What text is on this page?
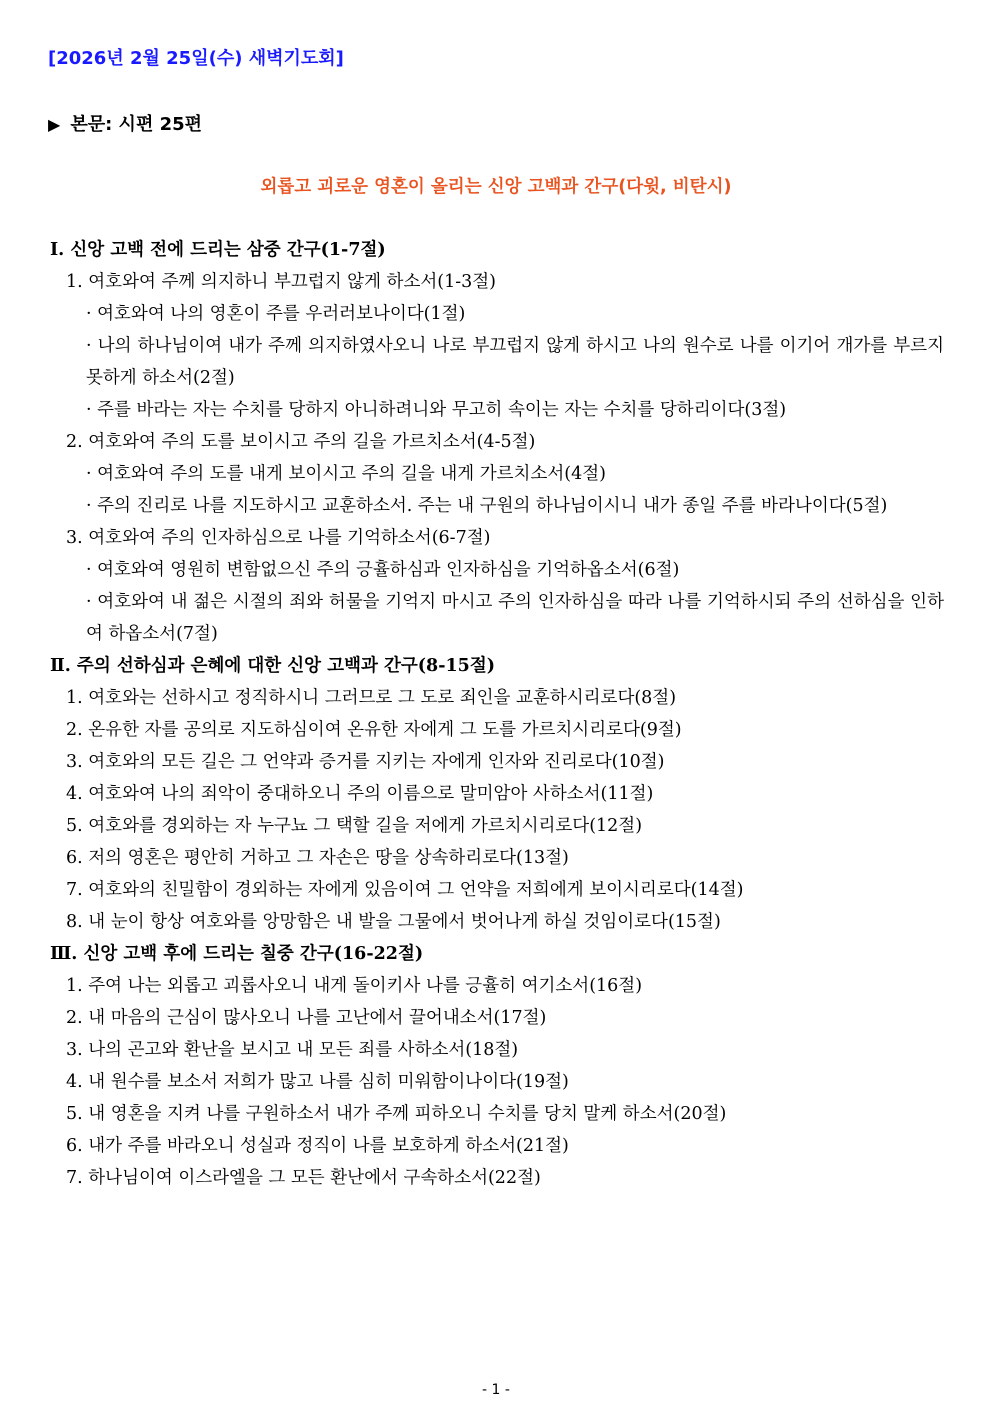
[2026년 2월 25일(수) 새벽기도회]
▶ 본문: 시편 25편
외롭고 괴로운 영혼이 올리는 신앙 고백과 간구(다윗, 비탄시)
Ⅰ. 신앙 고백 전에 드리는 삼중 간구(1-7절)
1. 여호와여 주께 의지하니 부끄럽지 않게 하소서(1-3절)
· 여호와여 나의 영혼이 주를 우러러보나이다(1절)
· 나의 하나님이여 내가 주께 의지하였사오니 나로 부끄럽지 않게 하시고 나의 원수로 나를 이기어 개가를 부르지 못하게 하소서(2절)
· 주를 바라는 자는 수치를 당하지 아니하려니와 무고히 속이는 자는 수치를 당하리이다(3절)
2. 여호와여 주의 도를 보이시고 주의 길을 가르치소서(4-5절)
· 여호와여 주의 도를 내게 보이시고 주의 길을 내게 가르치소서(4절)
· 주의 진리로 나를 지도하시고 교훈하소서. 주는 내 구원의 하나님이시니 내가 종일 주를 바라나이다(5절)
3. 여호와여 주의 인자하심으로 나를 기억하소서(6-7절)
· 여호와여 영원히 변함없으신 주의 긍휼하심과 인자하심을 기억하옵소서(6절)
· 여호와여 내 젊은 시절의 죄와 허물을 기억지 마시고 주의 인자하심을 따라 나를 기억하시되 주의 선하심을 인하여 하옵소서(7절)
Ⅱ. 주의 선하심과 은혜에 대한 신앙 고백과 간구(8-15절)
1. 여호와는 선하시고 정직하시니 그러므로 그 도로 죄인을 교훈하시리로다(8절)
2. 온유한 자를 공의로 지도하심이여 온유한 자에게 그 도를 가르치시리로다(9절)
3. 여호와의 모든 길은 그 언약과 증거를 지키는 자에게 인자와 진리로다(10절)
4. 여호와여 나의 죄악이 중대하오니 주의 이름으로 말미암아 사하소서(11절)
5. 여호와를 경외하는 자 누구뇨 그 택할 길을 저에게 가르치시리로다(12절)
6. 저의 영혼은 평안히 거하고 그 자손은 땅을 상속하리로다(13절)
7. 여호와의 친밀함이 경외하는 자에게 있음이여 그 언약을 저희에게 보이시리로다(14절)
8. 내 눈이 항상 여호와를 앙망함은 내 발을 그물에서 벗어나게 하실 것임이로다(15절)
Ⅲ. 신앙 고백 후에 드리는 칠중 간구(16-22절)
1. 주여 나는 외롭고 괴롭사오니 내게 돌이키사 나를 긍휼히 여기소서(16절)
2. 내 마음의 근심이 많사오니 나를 고난에서 끌어내소서(17절)
3. 나의 곤고와 환난을 보시고 내 모든 죄를 사하소서(18절)
4. 내 원수를 보소서 저희가 많고 나를 심히 미워함이나이다(19절)
5. 내 영혼을 지켜 나를 구원하소서 내가 주께 피하오니 수치를 당치 말케 하소서(20절)
6. 내가 주를 바라오니 성실과 정직이 나를 보호하게 하소서(21절)
7. 하나님이여 이스라엘을 그 모든 환난에서 구속하소서(22절)
- 1 -
